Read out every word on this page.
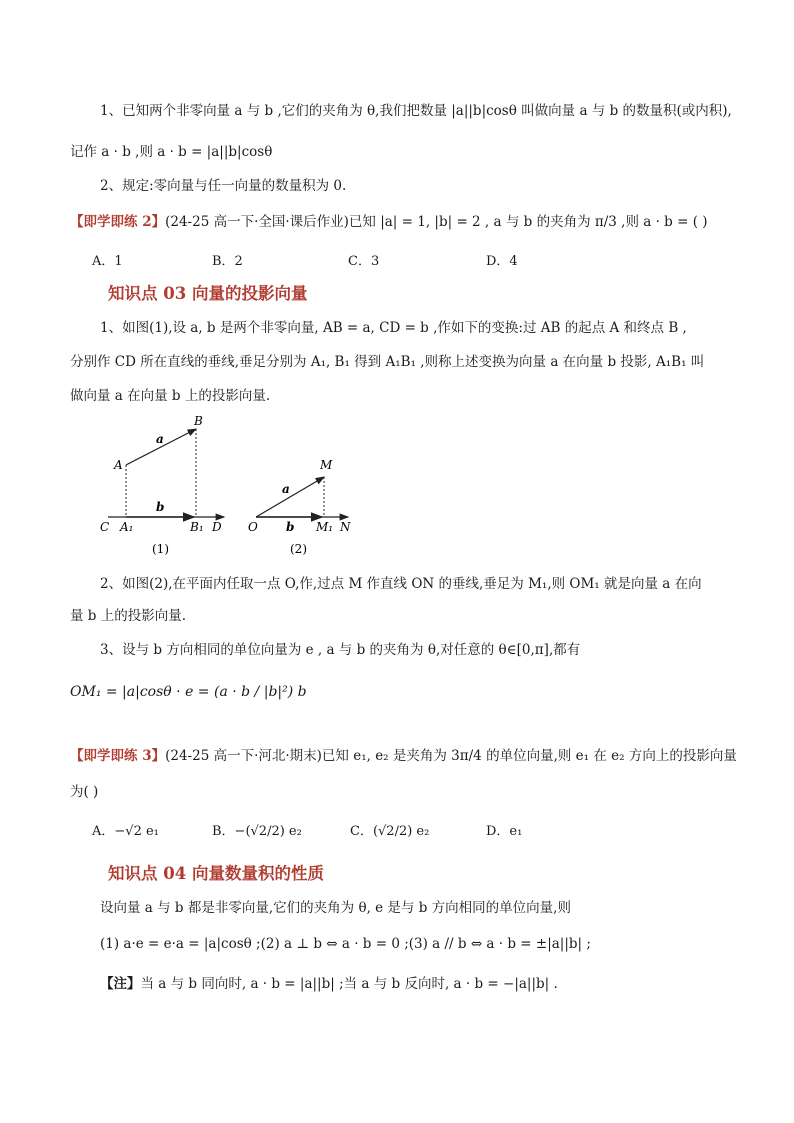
1、已知两个非零向量 a 与 b ,它们的夹角为 θ,我们把数量 |a||b|cosθ 叫做向量 a 与 b 的数量积(或内积),
记作 a · b ,则 a · b = |a||b|cosθ
2、规定:零向量与任一向量的数量积为 0.
【即学即练 2】(24-25 高一下·全国·课后作业)已知 |a| = 1, |b| = 2 , a 与 b 的夹角为 π/3 ,则 a · b = ( )
A．1	B．2	C．3	D．4
知识点 03 向量的投影向量
1、如图(1),设 a, b 是两个非零向量, AB = a, CD = b ,作如下的变换:过 AB 的起点 A 和终点 B ,
分别作 CD 所在直线的垂线,垂足分别为 A₁, B₁ 得到 A₁B₁ ,则称上述变换为向量 a 在向量 b 投影, A₁B₁ 叫
做向量 a 在向量 b 上的投影向量.
A
B
C	D
A₁	B₁
a
b
(1)
O
M
M₁ N
a
b
(2)
2、如图(2),在平面内任取一点 O,作,过点 M 作直线 ON 的垂线,垂足为 M₁,则 OM₁ 就是向量 a 在向
量 b 上的投影向量.
3、设与 b 方向相同的单位向量为 e , a 与 b 的夹角为 θ,对任意的 θ∈[0,π],都有
OM₁ = |a|cosθ · e = (a · b / |b|²) b
【即学即练 3】(24-25 高一下·河北·期末)已知 e₁, e₂ 是夹角为 3π/4 的单位向量,则 e₁ 在 e₂ 方向上的投影向量
为( )
A．−√2 e₁	B．−(√2/2) e₂	C．(√2/2) e₂	D．e₁
知识点 04 向量数量积的性质
设向量 a 与 b 都是非零向量,它们的夹角为 θ, e 是与 b 方向相同的单位向量,则
(1) a·e = e·a = |a|cosθ ;(2) a ⊥ b ⇔ a · b = 0 ;(3) a // b ⇔ a · b = ±|a||b| ;
【注】当 a 与 b 同向时, a · b = |a||b| ;当 a 与 b 反向时, a · b = −|a||b| .
